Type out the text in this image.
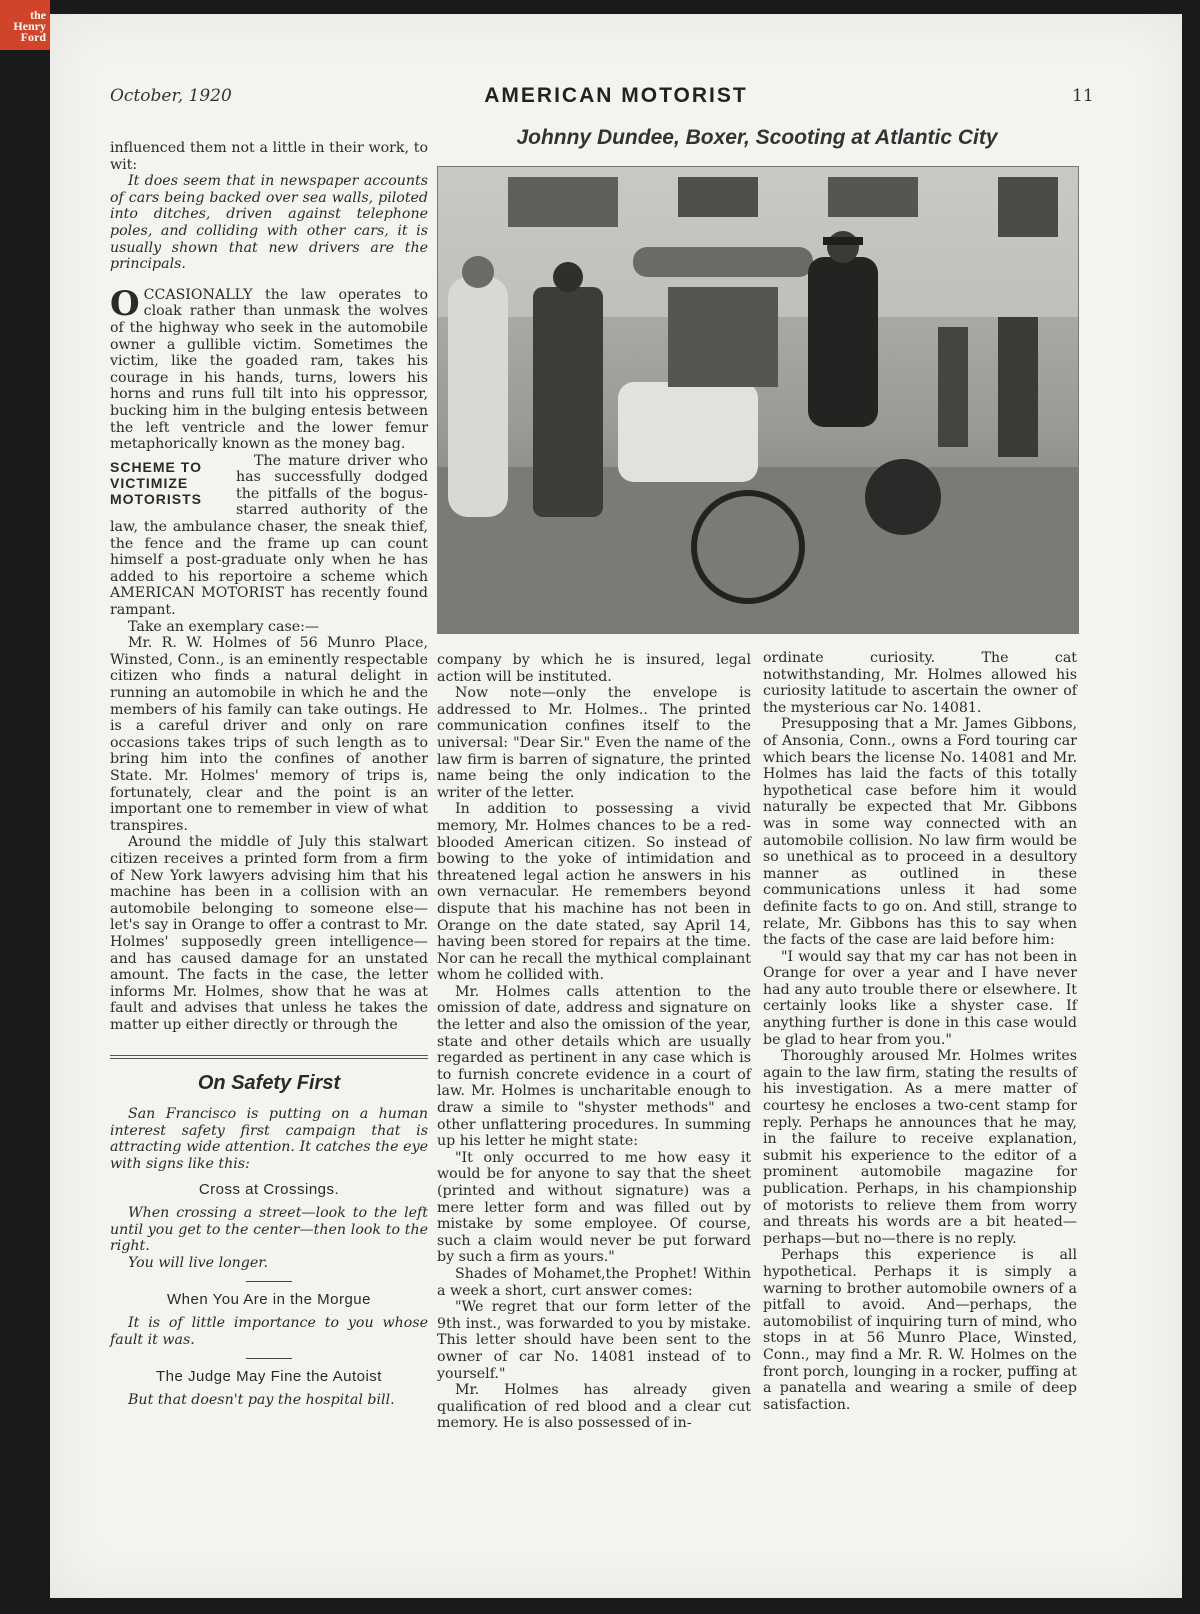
the
Henry
Ford
October, 1920	AMERICAN MOTORIST	11

influenced them not a little in their work, to wit:

It does seem that in newspaper accounts of cars being backed over sea walls, piloted into ditches, driven against telephone poles, and colliding with other cars, it is usually shown that new drivers are the principals.

OCCASIONALLY the law operates to cloak rather than unmask the wolves of the highway who seek in the automobile owner a gullible victim. Sometimes the victim, like the goaded ram, takes his courage in his hands, turns, lowers his horns and runs full tilt into his oppressor, bucking him in the bulging entesis between the left ventricle and the lower femur metaphorically known as the money bag.

SCHEME TO VICTIMIZE MOTORISTS

The mature driver who has successfully dodged the pitfalls of the bogus-starred authority of the law, the ambulance chaser, the sneak thief, the fence and the frame up can count himself a post-graduate only when he has added to his reportoire a scheme which AMERICAN MOTORIST has recently found rampant.

Take an exemplary case:—

Mr. R. W. Holmes of 56 Munro Place, Winsted, Conn., is an eminently respectable citizen who finds a natural delight in running an automobile in which he and the members of his family can take outings. He is a careful driver and only on rare occasions takes trips of such length as to bring him into the confines of another State. Mr. Holmes' memory of trips is, fortunately, clear and the point is an important one to remember in view of what transpires.

Around the middle of July this stalwart citizen receives a printed form from a firm of New York lawyers advising him that his machine has been in a collision with an automobile belonging to someone else—let's say in Orange to offer a contrast to Mr. Holmes' supposedly green intelligence—and has caused damage for an unstated amount. The facts in the case, the letter informs Mr. Holmes, show that he was at fault and advises that unless he takes the matter up either directly or through the

On Safety First

San Francisco is putting on a human interest safety first campaign that is attracting wide attention. It catches the eye with signs like this:

Cross at Crossings.

When crossing a street—look to the left until you get to the center—then look to the right.

You will live longer.

When You Are in the Morgue

It is of little importance to you whose fault it was.

The Judge May Fine the Autoist

But that doesn't pay the hospital bill.

Johnny Dundee, Boxer, Scooting at Atlantic City

company by which he is insured, legal action will be instituted.

Now note—only the envelope is addressed to Mr. Holmes.. The printed communication confines itself to the universal: "Dear Sir." Even the name of the law firm is barren of signature, the printed name being the only indication to the writer of the letter.

In addition to possessing a vivid memory, Mr. Holmes chances to be a red-blooded American citizen. So instead of bowing to the yoke of intimidation and threatened legal action he answers in his own vernacular. He remembers beyond dispute that his machine has not been in Orange on the date stated, say April 14, having been stored for repairs at the time. Nor can he recall the mythical complainant whom he collided with.

Mr. Holmes calls attention to the omission of date, address and signature on the letter and also the omission of the year, state and other details which are usually regarded as pertinent in any case which is to furnish concrete evidence in a court of law. Mr. Holmes is uncharitable enough to draw a simile to "shyster methods" and other unflattering procedures. In summing up his letter he might state:

"It only occurred to me how easy it would be for anyone to say that the sheet (printed and without signature) was a mere letter form and was filled out by mistake by some employee. Of course, such a claim would never be put forward by such a firm as yours."

Shades of Mohamet,the Prophet! Within a week a short, curt answer comes:

"We regret that our form letter of the 9th inst., was forwarded to you by mistake. This letter should have been sent to the owner of car No. 14081 instead of to yourself."

Mr. Holmes has already given qualification of red blood and a clear cut memory. He is also possessed of in-

ordinate curiosity. The cat notwithstanding, Mr. Holmes allowed his curiosity latitude to ascertain the owner of the mysterious car No. 14081.

Presupposing that a Mr. James Gibbons, of Ansonia, Conn., owns a Ford touring car which bears the license No. 14081 and Mr. Holmes has laid the facts of this totally hypothetical case before him it would naturally be expected that Mr. Gibbons was in some way connected with an automobile collision. No law firm would be so unethical as to proceed in a desultory manner as outlined in these communications unless it had some definite facts to go on. And still, strange to relate, Mr. Gibbons has this to say when the facts of the case are laid before him:

"I would say that my car has not been in Orange for over a year and I have never had any auto trouble there or elsewhere. It certainly looks like a shyster case. If anything further is done in this case would be glad to hear from you."

Thoroughly aroused Mr. Holmes writes again to the law firm, stating the results of his investigation. As a mere matter of courtesy he encloses a two-cent stamp for reply. Perhaps he announces that he may, in the failure to receive explanation, submit his experience to the editor of a prominent automobile magazine for publication. Perhaps, in his championship of motorists to relieve them from worry and threats his words are a bit heated—perhaps—but no—there is no reply.

Perhaps this experience is all hypothetical. Perhaps it is simply a warning to brother automobile owners of a pitfall to avoid. And—perhaps, the automobilist of inquiring turn of mind, who stops in at 56 Munro Place, Winsted, Conn., may find a Mr. R. W. Holmes on the front porch, lounging in a rocker, puffing at a panatella and wearing a smile of deep satisfaction.
